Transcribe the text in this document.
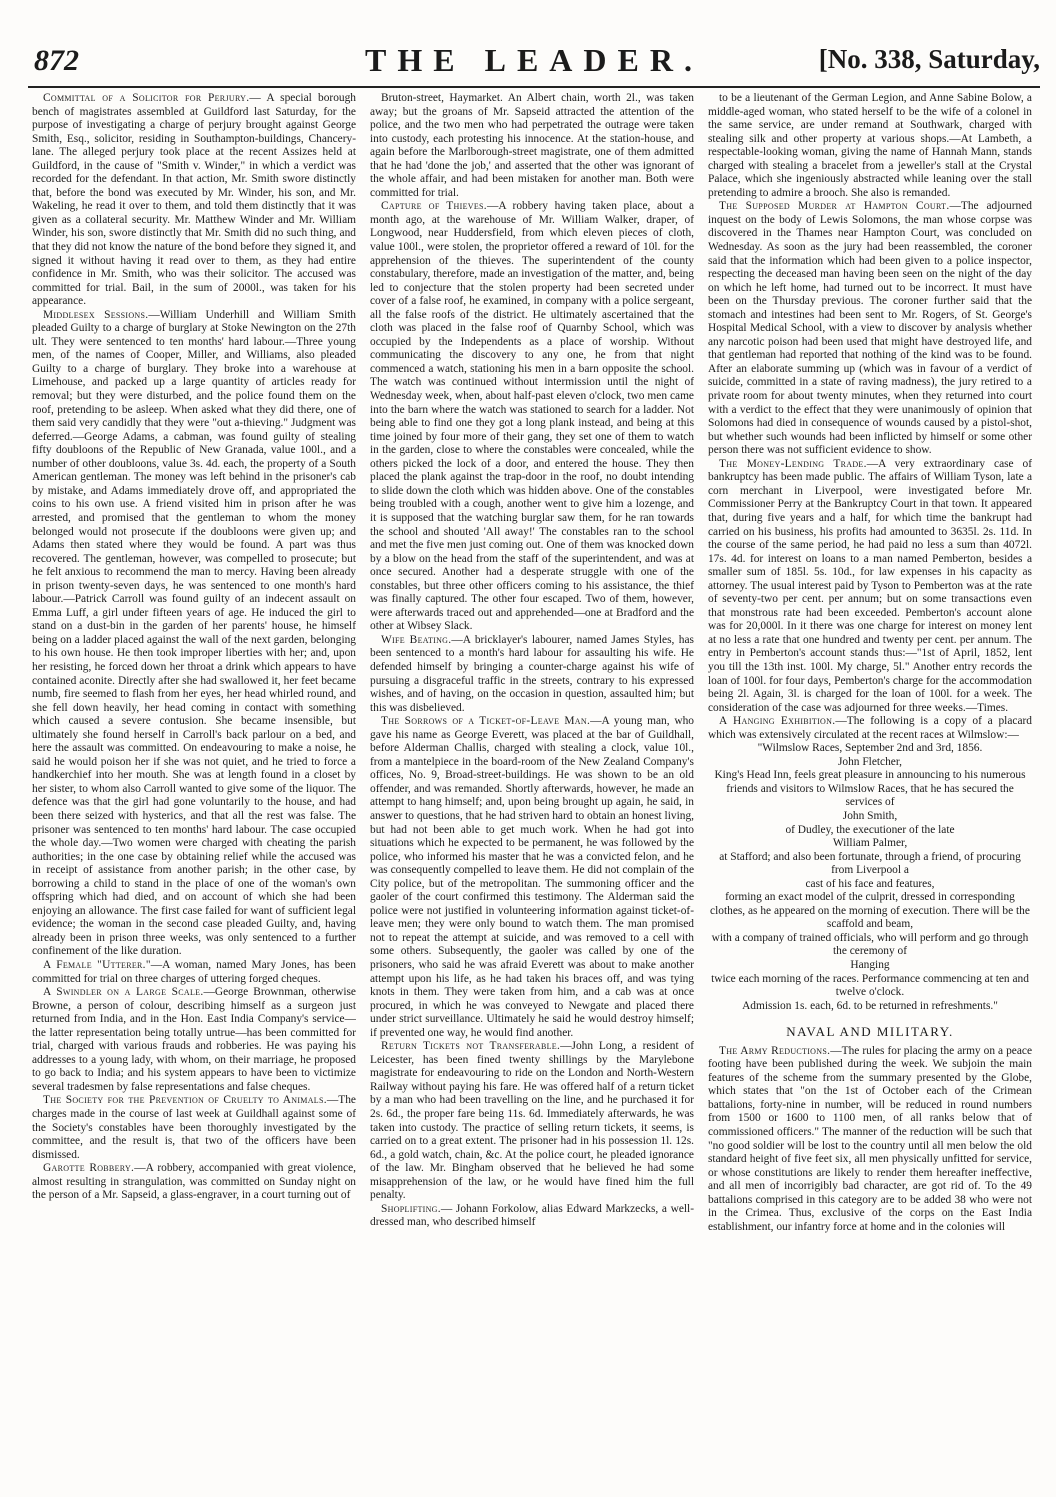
872	THE LEADER.	[No. 338, Saturday,

Committal of a Solicitor for Perjury.— A special borough bench of magistrates assembled at Guildford last Saturday, for the purpose of investigating a charge of perjury brought against George Smith, Esq., solicitor, residing in Southampton-buildings, Chancery-lane. The alleged perjury took place at the recent Assizes held at Guildford, in the cause of "Smith v. Winder," in which a verdict was recorded for the defendant. In that action, Mr. Smith swore distinctly that, before the bond was executed by Mr. Winder, his son, and Mr. Wakeling, he read it over to them, and told them distinctly that it was given as a collateral security. Mr. Matthew Winder and Mr. William Winder, his son, swore distinctly that Mr. Smith did no such thing, and that they did not know the nature of the bond before they signed it, and signed it without having it read over to them, as they had entire confidence in Mr. Smith, who was their solicitor. The accused was committed for trial. Bail, in the sum of 2000l., was taken for his appearance.

Middlesex Sessions.—William Underhill and William Smith pleaded Guilty to a charge of burglary at Stoke Newington on the 27th ult. They were sentenced to ten months' hard labour.—Three young men, of the names of Cooper, Miller, and Williams, also pleaded Guilty to a charge of burglary. They broke into a warehouse at Limehouse, and packed up a large quantity of articles ready for removal; but they were disturbed, and the police found them on the roof, pretending to be asleep. When asked what they did there, one of them said very candidly that they were "out a-thieving." Judgment was deferred.—George Adams, a cabman, was found guilty of stealing fifty doubloons of the Republic of New Granada, value 100l., and a number of other doubloons, value 3s. 4d. each, the property of a South American gentleman. The money was left behind in the prisoner's cab by mistake, and Adams immediately drove off, and appropriated the coins to his own use. A friend visited him in prison after he was arrested, and promised that the gentleman to whom the money belonged would not prosecute if the doubloons were given up; and Adams then stated where they would be found. A part was thus recovered. The gentleman, however, was compelled to prosecute; but he felt anxious to recommend the man to mercy. Having been already in prison twenty-seven days, he was sentenced to one month's hard labour.—Patrick Carroll was found guilty of an indecent assault on Emma Luff, a girl under fifteen years of age. He induced the girl to stand on a dust-bin in the garden of her parents' house, he himself being on a ladder placed against the wall of the next garden, belonging to his own house. He then took improper liberties with her; and, upon her resisting, he forced down her throat a drink which appears to have contained aconite. Directly after she had swallowed it, her feet became numb, fire seemed to flash from her eyes, her head whirled round, and she fell down heavily, her head coming in contact with something which caused a severe contusion. She became insensible, but ultimately she found herself in Carroll's back parlour on a bed, and here the assault was committed. On endeavouring to make a noise, he said he would poison her if she was not quiet, and he tried to force a handkerchief into her mouth. She was at length found in a closet by her sister, to whom also Carroll wanted to give some of the liquor. The defence was that the girl had gone voluntarily to the house, and had been there seized with hysterics, and that all the rest was false. The prisoner was sentenced to ten months' hard labour. The case occupied the whole day.—Two women were charged with cheating the parish authorities; in the one case by obtaining relief while the accused was in receipt of assistance from another parish; in the other case, by borrowing a child to stand in the place of one of the woman's own offspring which had died, and on account of which she had been enjoying an allowance. The first case failed for want of sufficient legal evidence; the woman in the second case pleaded Guilty, and, having already been in prison three weeks, was only sentenced to a further confinement of the like duration.

A Female "Utterer."—A woman, named Mary Jones, has been committed for trial on three charges of uttering forged cheques.

A Swindler on a Large Scale.—George Brownman, otherwise Browne, a person of colour, describing himself as a surgeon just returned from India, and in the Hon. East India Company's service—the latter representation being totally untrue—has been committed for trial, charged with various frauds and robberies. He was paying his addresses to a young lady, with whom, on their marriage, he proposed to go back to India; and his system appears to have been to victimize several tradesmen by false representations and false cheques.

The Society for the Prevention of Cruelty to Animals.—The charges made in the course of last week at Guildhall against some of the Society's constables have been thoroughly investigated by the committee, and the result is, that two of the officers have been dismissed.

Garotte Robbery.—A robbery, accompanied with great violence, almost resulting in strangulation, was committed on Sunday night on the person of a Mr. Sapseid, a glass-engraver, in a court turning out of

Bruton-street, Haymarket. An Albert chain, worth 2l., was taken away; but the groans of Mr. Sapseid attracted the attention of the police, and the two men who had perpetrated the outrage were taken into custody, each protesting his innocence. At the station-house, and again before the Marlborough-street magistrate, one of them admitted that he had 'done the job,' and asserted that the other was ignorant of the whole affair, and had been mistaken for another man. Both were committed for trial.

Capture of Thieves.—A robbery having taken place, about a month ago, at the warehouse of Mr. William Walker, draper, of Longwood, near Huddersfield, from which eleven pieces of cloth, value 100l., were stolen, the proprietor offered a reward of 10l. for the apprehension of the thieves. The superintendent of the county constabulary, therefore, made an investigation of the matter, and, being led to conjecture that the stolen property had been secreted under cover of a false roof, he examined, in company with a police sergeant, all the false roofs of the district. He ultimately ascertained that the cloth was placed in the false roof of Quarnby School, which was occupied by the Independents as a place of worship. Without communicating the discovery to any one, he from that night commenced a watch, stationing his men in a barn opposite the school. The watch was continued without intermission until the night of Wednesday week, when, about half-past eleven o'clock, two men came into the barn where the watch was stationed to search for a ladder. Not being able to find one they got a long plank instead, and being at this time joined by four more of their gang, they set one of them to watch in the garden, close to where the constables were concealed, while the others picked the lock of a door, and entered the house. They then placed the plank against the trap-door in the roof, no doubt intending to slide down the cloth which was hidden above. One of the constables being troubled with a cough, another went to give him a lozenge, and it is supposed that the watching burglar saw them, for he ran towards the school and shouted 'All away!' The constables ran to the school and met the five men just coming out. One of them was knocked down by a blow on the head from the staff of the superintendent, and was at once secured. Another had a desperate struggle with one of the constables, but three other officers coming to his assistance, the thief was finally captured. The other four escaped. Two of them, however, were afterwards traced out and apprehended—one at Bradford and the other at Wibsey Slack.

Wife Beating.—A bricklayer's labourer, named James Styles, has been sentenced to a month's hard labour for assaulting his wife. He defended himself by bringing a counter-charge against his wife of pursuing a disgraceful traffic in the streets, contrary to his expressed wishes, and of having, on the occasion in question, assaulted him; but this was disbelieved.

The Sorrows of a Ticket-of-Leave Man.—A young man, who gave his name as George Everett, was placed at the bar of Guildhall, before Alderman Challis, charged with stealing a clock, value 10l., from a mantelpiece in the board-room of the New Zealand Company's offices, No. 9, Broad-street-buildings. He was shown to be an old offender, and was remanded. Shortly afterwards, however, he made an attempt to hang himself; and, upon being brought up again, he said, in answer to questions, that he had striven hard to obtain an honest living, but had not been able to get much work. When he had got into situations which he expected to be permanent, he was followed by the police, who informed his master that he was a convicted felon, and he was consequently compelled to leave them. He did not complain of the City police, but of the metropolitan. The summoning officer and the gaoler of the court confirmed this testimony. The Alderman said the police were not justified in volunteering information against ticket-of-leave men; they were only bound to watch them. The man promised not to repeat the attempt at suicide, and was removed to a cell with some others. Subsequently, the gaoler was called by one of the prisoners, who said he was afraid Everett was about to make another attempt upon his life, as he had taken his braces off, and was tying knots in them. They were taken from him, and a cab was at once procured, in which he was conveyed to Newgate and placed there under strict surveillance. Ultimately he said he would destroy himself; if prevented one way, he would find another.

Return Tickets not Transferable.—John Long, a resident of Leicester, has been fined twenty shillings by the Marylebone magistrate for endeavouring to ride on the London and North-Western Railway without paying his fare. He was offered half of a return ticket by a man who had been travelling on the line, and he purchased it for 2s. 6d., the proper fare being 11s. 6d. Immediately afterwards, he was taken into custody. The practice of selling return tickets, it seems, is carried on to a great extent. The prisoner had in his possession 1l. 12s. 6d., a gold watch, chain, &c. At the police court, he pleaded ignorance of the law. Mr. Bingham observed that he believed he had some misapprehension of the law, or he would have fined him the full penalty.

Shoplifting.— Johann Forkolow, alias Edward Markzecks, a well-dressed man, who described himself

to be a lieutenant of the German Legion, and Anne Sabine Bolow, a middle-aged woman, who stated herself to be the wife of a colonel in the same service, are under remand at Southwark, charged with stealing silk and other property at various shops.—At Lambeth, a respectable-looking woman, giving the name of Hannah Mann, stands charged with stealing a bracelet from a jeweller's stall at the Crystal Palace, which she ingeniously abstracted while leaning over the stall pretending to admire a brooch. She also is remanded.

The Supposed Murder at Hampton Court.—The adjourned inquest on the body of Lewis Solomons, the man whose corpse was discovered in the Thames near Hampton Court, was concluded on Wednesday. As soon as the jury had been reassembled, the coroner said that the information which had been given to a police inspector, respecting the deceased man having been seen on the night of the day on which he left home, had turned out to be incorrect. It must have been on the Thursday previous. The coroner further said that the stomach and intestines had been sent to Mr. Rogers, of St. George's Hospital Medical School, with a view to discover by analysis whether any narcotic poison had been used that might have destroyed life, and that gentleman had reported that nothing of the kind was to be found. After an elaborate summing up (which was in favour of a verdict of suicide, committed in a state of raving madness), the jury retired to a private room for about twenty minutes, when they returned into court with a verdict to the effect that they were unanimously of opinion that Solomons had died in consequence of wounds caused by a pistol-shot, but whether such wounds had been inflicted by himself or some other person there was not sufficient evidence to show.

The Money-Lending Trade.—A very extraordinary case of bankruptcy has been made public. The affairs of William Tyson, late a corn merchant in Liverpool, were investigated before Mr. Commissioner Perry at the Bankruptcy Court in that town. It appeared that, during five years and a half, for which time the bankrupt had carried on his business, his profits had amounted to 3635l. 2s. 11d. In the course of the same period, he had paid no less a sum than 4072l. 17s. 4d. for interest on loans to a man named Pemberton, besides a smaller sum of 185l. 5s. 10d., for law expenses in his capacity as attorney. The usual interest paid by Tyson to Pemberton was at the rate of seventy-two per cent. per annum; but on some transactions even that monstrous rate had been exceeded. Pemberton's account alone was for 20,000l. In it there was one charge for interest on money lent at no less a rate that one hundred and twenty per cent. per annum. The entry in Pemberton's account stands thus:—"1st of April, 1852, lent you till the 13th inst. 100l. My charge, 5l." Another entry records the loan of 100l. for four days, Pemberton's charge for the accommodation being 2l. Again, 3l. is charged for the loan of 100l. for a week. The consideration of the case was adjourned for three weeks.—Times.

A Hanging Exhibition.—The following is a copy of a placard which was extensively circulated at the recent races at Wilmslow:—

"Wilmslow Races, September 2nd and 3rd, 1856.

John Fletcher,

King's Head Inn, feels great pleasure in announcing to his numerous friends and visitors to Wilmslow Races, that he has secured the services of

John Smith,

of Dudley, the executioner of the late

William Palmer,

at Stafford; and also been fortunate, through a friend, of procuring from Liverpool a

cast of his face and features,

forming an exact model of the culprit, dressed in corresponding clothes, as he appeared on the morning of execution. There will be the

scaffold and beam,

with a company of trained officials, who will perform and go through the ceremony of

Hanging

twice each morning of the races. Performance commencing at ten and twelve o'clock.

Admission 1s. each, 6d. to be returned in refreshments."

NAVAL AND MILITARY.

The Army Reductions.—The rules for placing the army on a peace footing have been published during the week. We subjoin the main features of the scheme from the summary presented by the Globe, which states that "on the 1st of October each of the Crimean battalions, forty-nine in number, will be reduced in round numbers from 1500 or 1600 to 1100 men, of all ranks below that of commissioned officers." The manner of the reduction will be such that "no good soldier will be lost to the country until all men below the old standard height of five feet six, all men physically unfitted for service, or whose constitutions are likely to render them hereafter ineffective, and all men of incorrigibly bad character, are got rid of. To the 49 battalions comprised in this category are to be added 38 who were not in the Crimea. Thus, exclusive of the corps on the East India establishment, our infantry force at home and in the colonies will
